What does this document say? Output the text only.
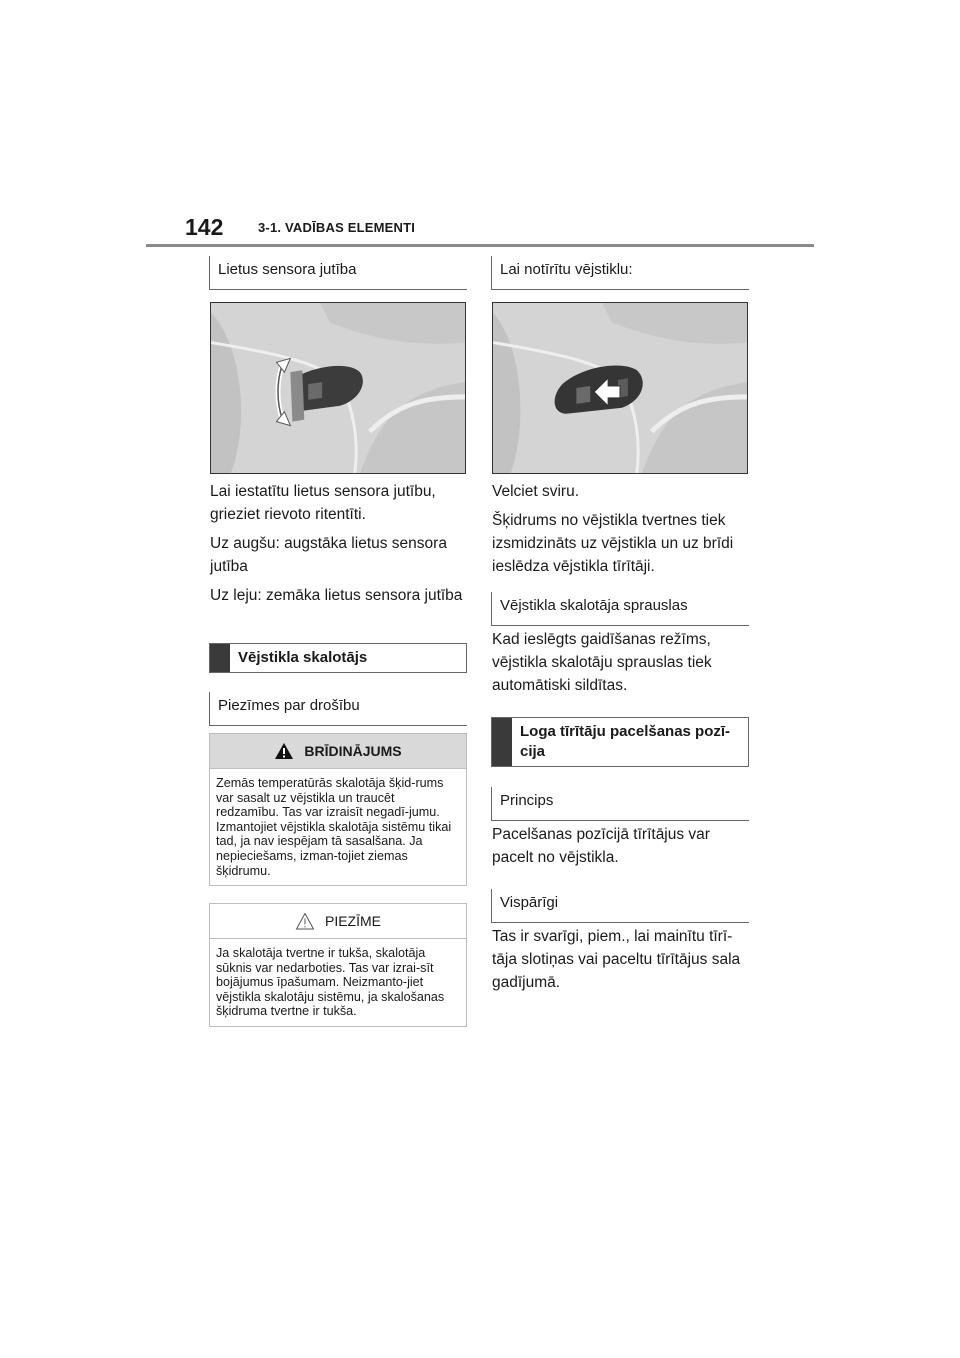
142	3-1. VADĪBAS ELEMENTI
Lietus sensora jutība

Lai iestatītu lietus sensora jutību, grieziet rievoto ritentīti.

Uz augšu: augstāka lietus sensora jutība

Uz leju: zemāka lietus sensora jutība

Vējstikla skalotājs
Piezīmes par drošību
BRĪDINĀJUMS
Zemās temperatūrās skalotāja šķid-rums var sasalt uz vējstikla un traucēt redzamību. Tas var izraisīt negadī-jumu. Izmantojiet vējstikla skalotāja sistēmu tikai tad, ja nav iespējam tā sasalšana. Ja nepieciešams, izman-tojiet ziemas šķidrumu.
PIEZĪME
Ja skalotāja tvertne ir tukša, skalotāja sūknis var nedarboties. Tas var izrai-sīt bojājumus īpašumam. Neizmanto-jiet vējstikla skalotāju sistēmu, ja skalošanas šķidruma tvertne ir tukša.
Lai notīrītu vējstiklu:

Velciet sviru.

Šķidrums no vējstikla tvertnes tiek izsmidzināts uz vējstikla un uz brīdi ieslēdza vējstikla tīrītāji.

Vējstikla skalotāja sprauslas

Kad ieslēgts gaidīšanas režīms, vējstikla skalotāju sprauslas tiek automātiski sildītas.

Loga tīrītāju pacelšanas pozī-cija
Princips

Pacelšanas pozīcijā tīrītājus var pacelt no vējstikla.

Vispārīgi

Tas ir svarīgi, piem., lai mainītu tīrī-tāja slotiņas vai paceltu tīrītājus sala gadījumā.
